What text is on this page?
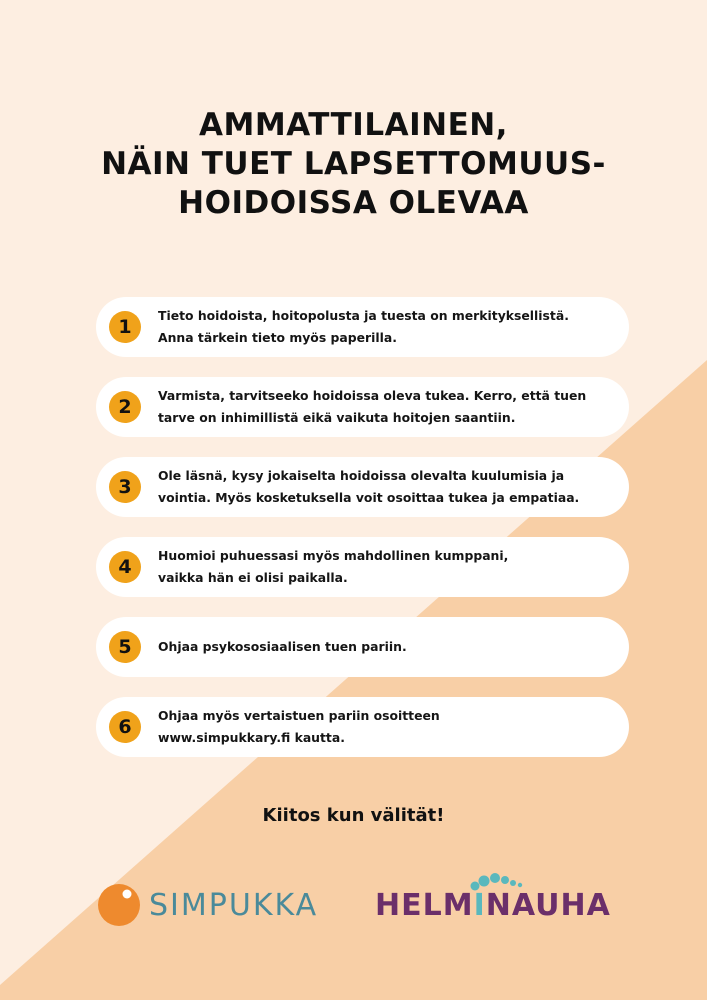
AMMATTILAINEN,
NÄIN TUET LAPSETTOMUUS-
HOIDOISSA OLEVAA
1
Tieto hoidoista, hoitopolusta ja tuesta on merkityksellistä.
Anna tärkein tieto myös paperilla.
2
Varmista, tarvitseeko hoidoissa oleva tukea. Kerro, että tuen
tarve on inhimillistä eikä vaikuta hoitojen saantiin.
3
Ole läsnä, kysy jokaiselta hoidoissa olevalta kuulumisia ja
vointia. Myös kosketuksella voit osoittaa tukea ja empatiaa.
4
Huomioi puhuessasi myös mahdollinen kumppani,
vaikka hän ei olisi paikalla.
5	Ohjaa psykososiaalisen tuen pariin.
6
Ohjaa myös vertaistuen pariin osoitteen
www.simpukkary.fi kautta.
Kiitos kun välität!
SIMPUKKA HELMINAUHA
